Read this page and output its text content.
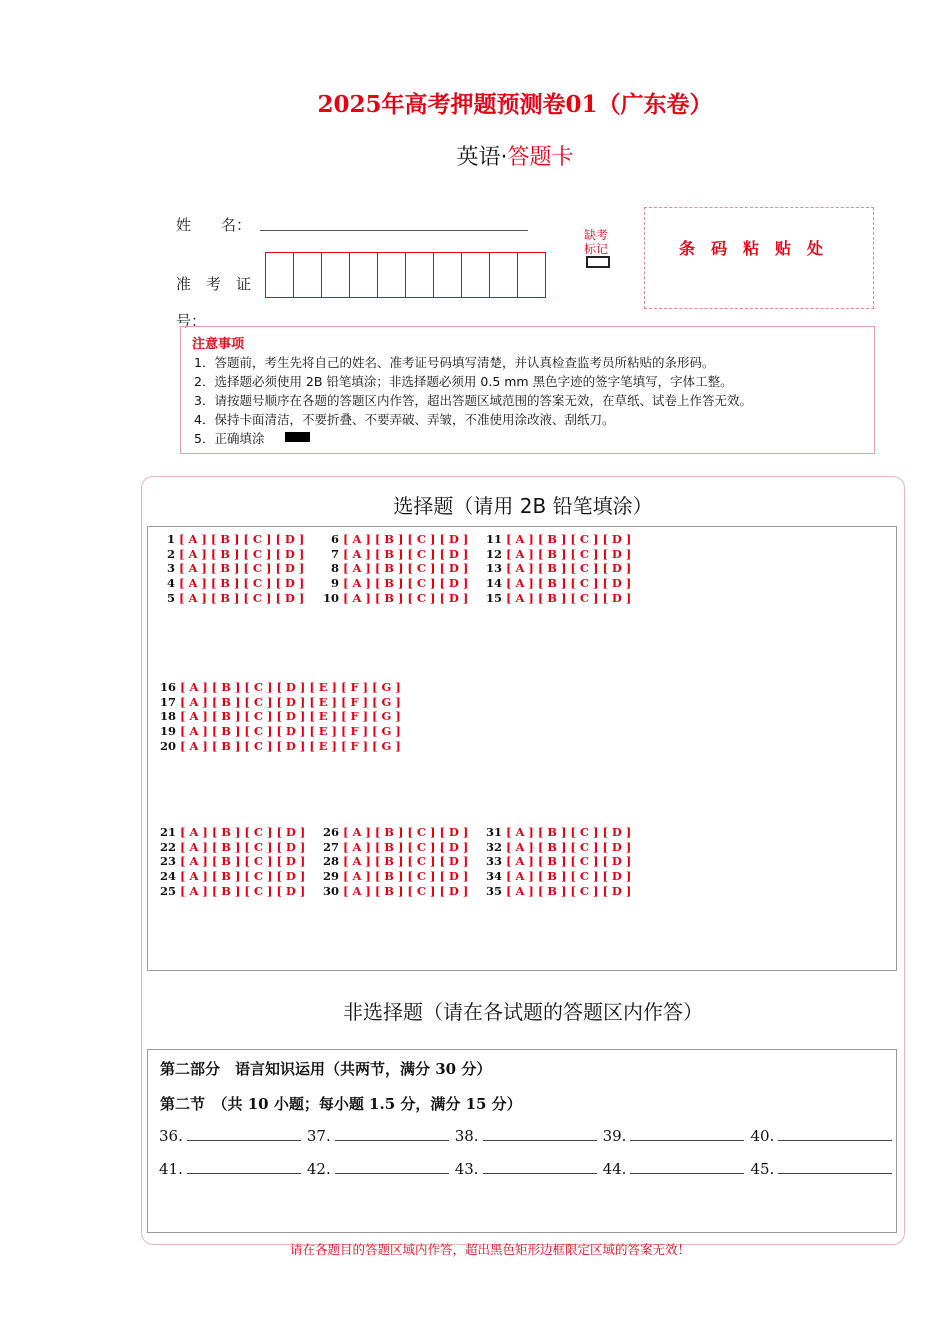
2025年高考押题预测卷01（广东卷）
英语·答题卡
姓　　名：
准　考　证
号：
缺考标记	条码粘贴处
注意事项
1．答题前，考生先将自己的姓名、准考证号码填写清楚，并认真检查监考员所粘贴的条形码。
2．选择题必须使用 2B 铅笔填涂；非选择题必须用 0.5 mm 黑色字迹的签字笔填写，字体工整。
3．请按题号顺序在各题的答题区内作答，超出答题区域范围的答案无效，在草纸、试卷上作答无效。
4．保持卡面清洁，不要折叠、不要弄破、弄皱，不准使用涂改液、刮纸刀。
5．正确填涂
选择题（请用 2B 铅笔填涂）
1 [ A ] [ B ] [ C ] [ D ]
2 [ A ] [ B ] [ C ] [ D ]
3 [ A ] [ B ] [ C ] [ D ]
4 [ A ] [ B ] [ C ] [ D ]
5 [ A ] [ B ] [ C ] [ D ]
6 [ A ] [ B ] [ C ] [ D ]
7 [ A ] [ B ] [ C ] [ D ]
8 [ A ] [ B ] [ C ] [ D ]
9 [ A ] [ B ] [ C ] [ D ]
10 [ A ] [ B ] [ C ] [ D ]
11 [ A ] [ B ] [ C ] [ D ]
12 [ A ] [ B ] [ C ] [ D ]
13 [ A ] [ B ] [ C ] [ D ]
14 [ A ] [ B ] [ C ] [ D ]
15 [ A ] [ B ] [ C ] [ D ]
16 [ A ] [ B ] [ C ] [ D ] [ E ] [ F ] [ G ]
17 [ A ] [ B ] [ C ] [ D ] [ E ] [ F ] [ G ]
18 [ A ] [ B ] [ C ] [ D ] [ E ] [ F ] [ G ]
19 [ A ] [ B ] [ C ] [ D ] [ E ] [ F ] [ G ]
20 [ A ] [ B ] [ C ] [ D ] [ E ] [ F ] [ G ]
21 [ A ] [ B ] [ C ] [ D ]
22 [ A ] [ B ] [ C ] [ D ]
23 [ A ] [ B ] [ C ] [ D ]
24 [ A ] [ B ] [ C ] [ D ]
25 [ A ] [ B ] [ C ] [ D ]
26 [ A ] [ B ] [ C ] [ D ]
27 [ A ] [ B ] [ C ] [ D ]
28 [ A ] [ B ] [ C ] [ D ]
29 [ A ] [ B ] [ C ] [ D ]
30 [ A ] [ B ] [ C ] [ D ]
31 [ A ] [ B ] [ C ] [ D ]
32 [ A ] [ B ] [ C ] [ D ]
33 [ A ] [ B ] [ C ] [ D ]
34 [ A ] [ B ] [ C ] [ D ]
35 [ A ] [ B ] [ C ] [ D ]
非选择题（请在各试题的答题区内作答）
第二部分　语言知识运用（共两节，满分 30 分）
第二节　（共 10 小题；每小题 1.5 分，满分 15 分）
36.	37.	38.	39.	40.
41.	42.	43.	44.	45.
请在各题目的答题区域内作答，超出黑色矩形边框限定区域的答案无效！
